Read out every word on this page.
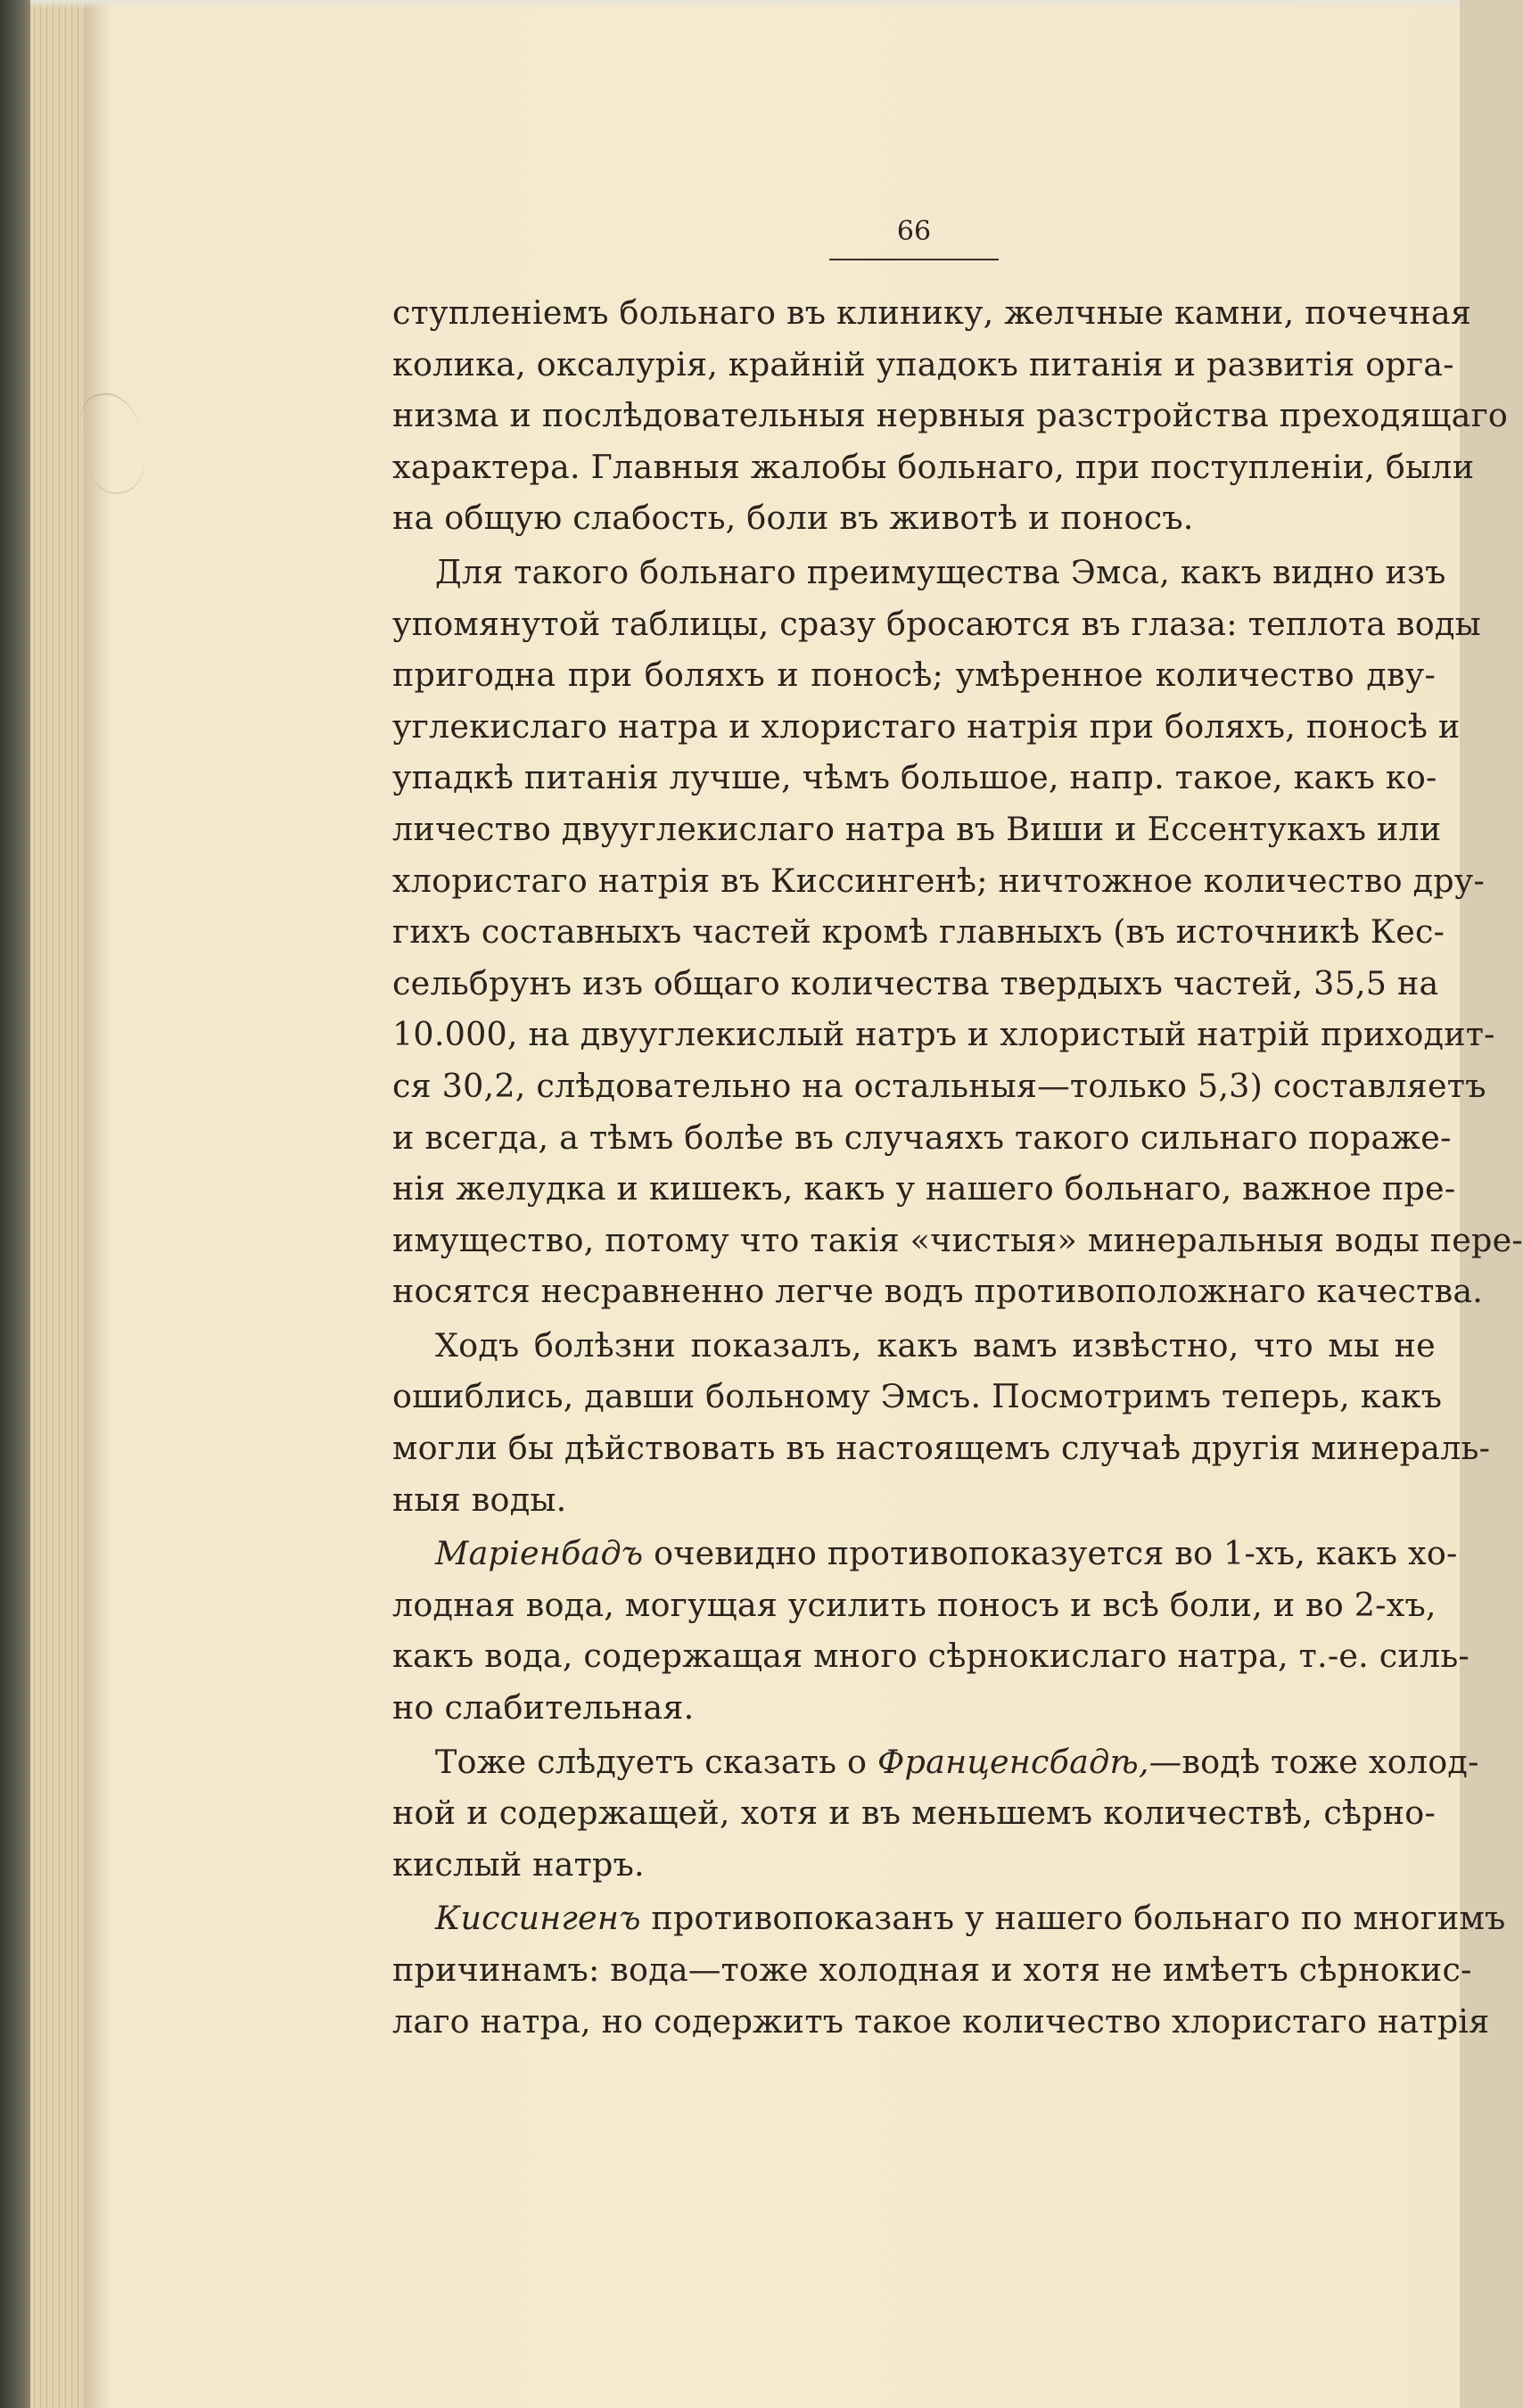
66
ступленіемъ больнаго въ клинику, желчные камни, почечная
колика, оксалурія, крайній упадокъ питанія и развитія орга-
низма и послѣдовательныя нервныя разстройства преходящаго
характера. Главныя жалобы больнаго, при поступленіи, были
на общую слабость, боли въ животѣ и поносъ.
Для такого больнаго преимущества Эмса, какъ видно изъ
упомянутой таблицы, сразу бросаются въ глаза: теплота воды
пригодна при боляхъ и поносѣ; умѣренное количество дву-
углекислаго натра и хлористаго натрія при боляхъ, поносѣ и
упадкѣ питанія лучше, чѣмъ большое, напр. такое, какъ ко-
личество двууглекислаго натра въ Виши и Ессентукахъ или
хлористаго натрія въ Киссингенѣ; ничтожное количество дру-
гихъ составныхъ частей кромѣ главныхъ (въ источникѣ Кес-
сельбрунъ изъ общаго количества твердыхъ частей, 35,5 на
10.000, на двууглекислый натръ и хлористый натрій приходит-
ся 30,2, слѣдовательно на остальныя—только 5,3) составляетъ
и всегда, а тѣмъ болѣе въ случаяхъ такого сильнаго пораже-
нія желудка и кишекъ, какъ у нашего больнаго, важное пре-
имущество, потому что такія «чистыя» минеральныя воды пере-
носятся несравненно легче водъ противоположнаго качества.
Ходъ болѣзни показалъ, какъ вамъ извѣстно, что мы не
ошиблись, давши больному Эмсъ. Посмотримъ теперь, какъ
могли бы дѣйствовать въ настоящемъ случаѣ другія минераль-
ныя воды.
Маріенбадъ очевидно противопоказуется во 1-хъ, какъ хо-
лодная вода, могущая усилить поносъ и всѣ боли, и во 2-хъ,
какъ вода, содержащая много сѣрнокислаго натра, т.-е. силь-
но слабительная.
Тоже слѣдуетъ сказать о Францeнсбадѣ,—водѣ тоже холод-
ной и содержащей, хотя и въ меньшемъ количествѣ, сѣрно-
кислый натръ.
Киссингенъ противопоказанъ у нашего больнаго по многимъ
причинамъ: вода—тоже холодная и хотя не имѣетъ сѣрнокис-
лаго натра, но содержитъ такое количество хлористаго натрія
